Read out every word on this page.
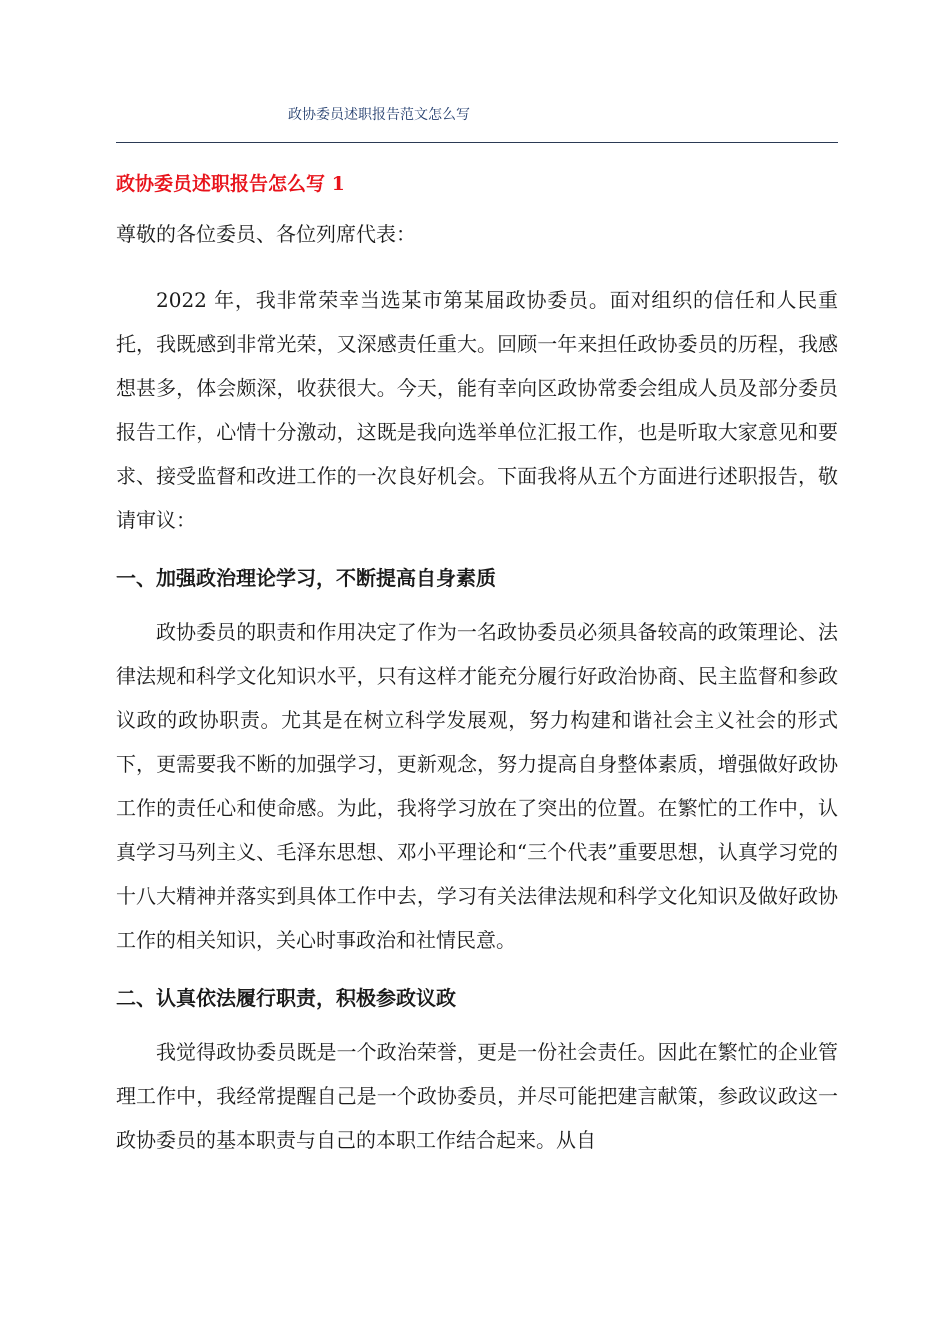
政协委员述职报告范文怎么写
政协委员述职报告怎么写 1

尊敬的各位委员、各位列席代表：

2022 年，我非常荣幸当选某市第某届政协委员。面对组织的信任和人民重托，我既感到非常光荣，又深感责任重大。回顾一年来担任政协委员的历程，我感想甚多，体会颇深，收获很大。今天，能有幸向区政协常委会组成人员及部分委员报告工作，心情十分激动，这既是我向选举单位汇报工作，也是听取大家意见和要求、接受监督和改进工作的一次良好机会。下面我将从五个方面进行述职报告，敬请审议：

一、加强政治理论学习，不断提高自身素质

政协委员的职责和作用决定了作为一名政协委员必须具备较高的政策理论、法律法规和科学文化知识水平，只有这样才能充分履行好政治协商、民主监督和参政议政的政协职责。尤其是在树立科学发展观，努力构建和谐社会主义社会的形式下，更需要我不断的加强学习，更新观念，努力提高自身整体素质，增强做好政协工作的责任心和使命感。为此，我将学习放在了突出的位置。在繁忙的工作中，认真学习马列主义、毛泽东思想、邓小平理论和“三个代表”重要思想，认真学习党的十八大精神并落实到具体工作中去，学习有关法律法规和科学文化知识及做好政协工作的相关知识，关心时事政治和社情民意。

二、认真依法履行职责，积极参政议政

我觉得政协委员既是一个政治荣誉，更是一份社会责任。因此在繁忙的企业管理工作中，我经常提醒自己是一个政协委员，并尽可能把建言献策，参政议政这一政协委员的基本职责与自己的本职工作结合起来。从自
